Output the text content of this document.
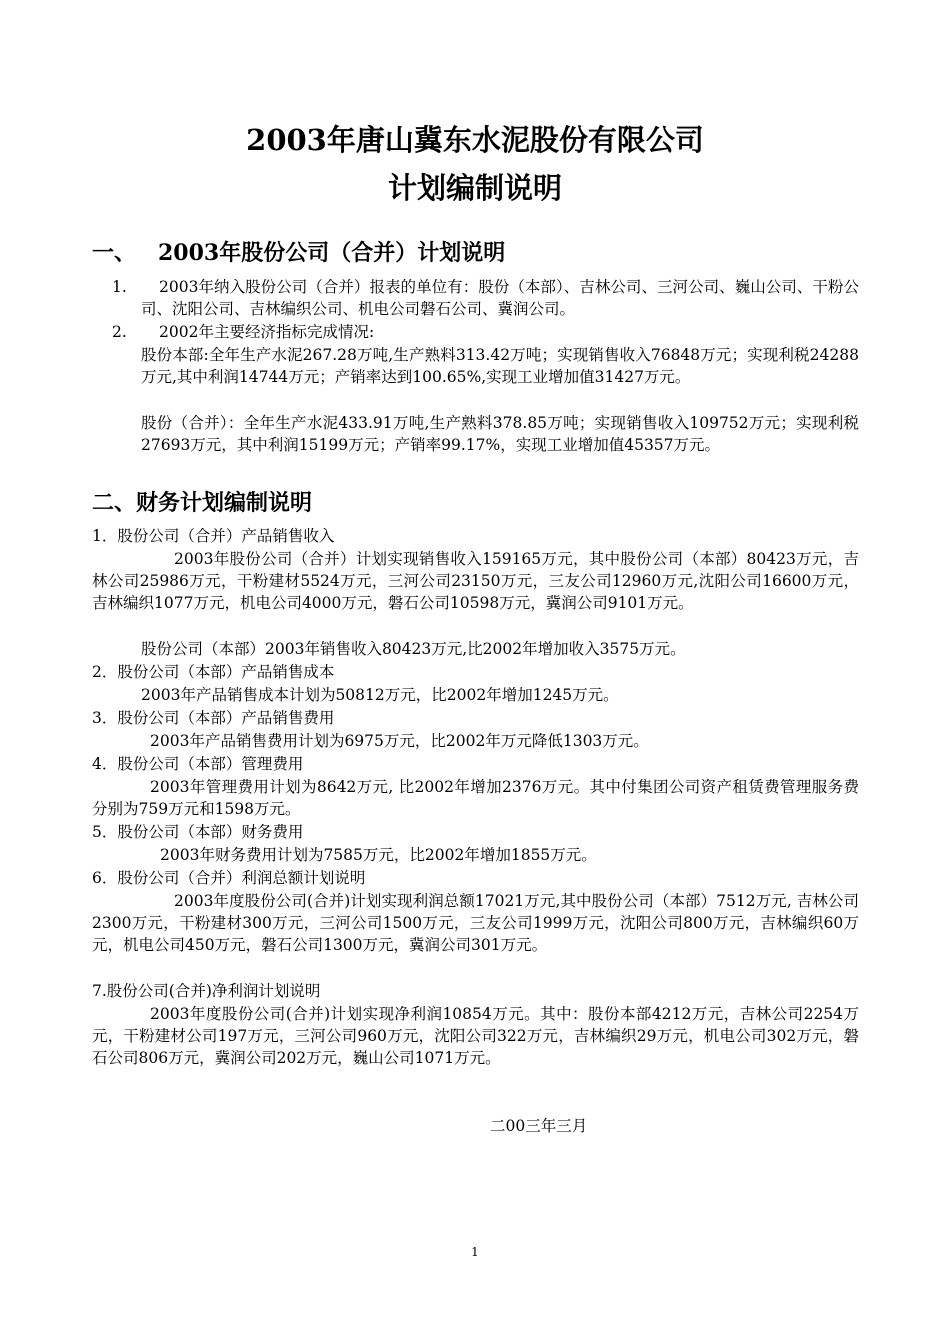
2003年唐山冀东水泥股份有限公司
计划编制说明
一、 2003年股份公司（合并）计划说明
1.	2003年纳入股份公司（合并）报表的单位有：股份（本部）、吉林公司、三河公司、巍山公司、干粉公司、沈阳公司、吉林编织公司、机电公司磐石公司、冀润公司。
2. 2002年主要经济指标完成情况:
股份本部:全年生产水泥267.28万吨,生产熟料313.42万吨；实现销售收入76848万元；实现利税24288万元,其中利润14744万元；产销率达到100.65%,实现工业增加值31427万元。
股份（合并）：全年生产水泥433.91万吨,生产熟料378.85万吨；实现销售收入109752万元；实现利税27693万元，其中利润15199万元；产销率99.17%，实现工业增加值45357万元。
二、财务计划编制说明
1．股份公司（合并）产品销售收入
2003年股份公司（合并）计划实现销售收入159165万元，其中股份公司（本部）80423万元，吉林公司25986万元，干粉建材5524万元，三河公司23150万元，三友公司12960万元,沈阳公司16600万元，吉林编织1077万元，机电公司4000万元，磐石公司10598万元，冀润公司9101万元。
股份公司（本部）2003年销售收入80423万元,比2002年增加收入3575万元。
2．股份公司（本部）产品销售成本
2003年产品销售成本计划为50812万元，比2002年增加1245万元。
3．股份公司（本部）产品销售费用
2003年产品销售费用计划为6975万元，比2002年万元降低1303万元。
4．股份公司（本部）管理费用
2003年管理费用计划为8642万元, 比2002年增加2376万元。其中付集团公司资产租赁费管理服务费分别为759万元和1598万元。
5．股份公司（本部）财务费用
2003年财务费用计划为7585万元，比2002年增加1855万元。
6．股份公司（合并）利润总额计划说明
2003年度股份公司(合并)计划实现利润总额17021万元,其中股份公司（本部）7512万元, 吉林公司2300万元，干粉建材300万元，三河公司1500万元，三友公司1999万元，沈阳公司800万元，吉林编织60万元，机电公司450万元，磐石公司1300万元，冀润公司301万元。
7.股份公司(合并)净利润计划说明
2003年度股份公司(合并)计划实现净利润10854万元。其中：股份本部4212万元，吉林公司2254万元，干粉建材公司197万元，三河公司960万元，沈阳公司322万元，吉林编织29万元，机电公司302万元，磐石公司806万元，冀润公司202万元，巍山公司1071万元。
二00三年三月
1
